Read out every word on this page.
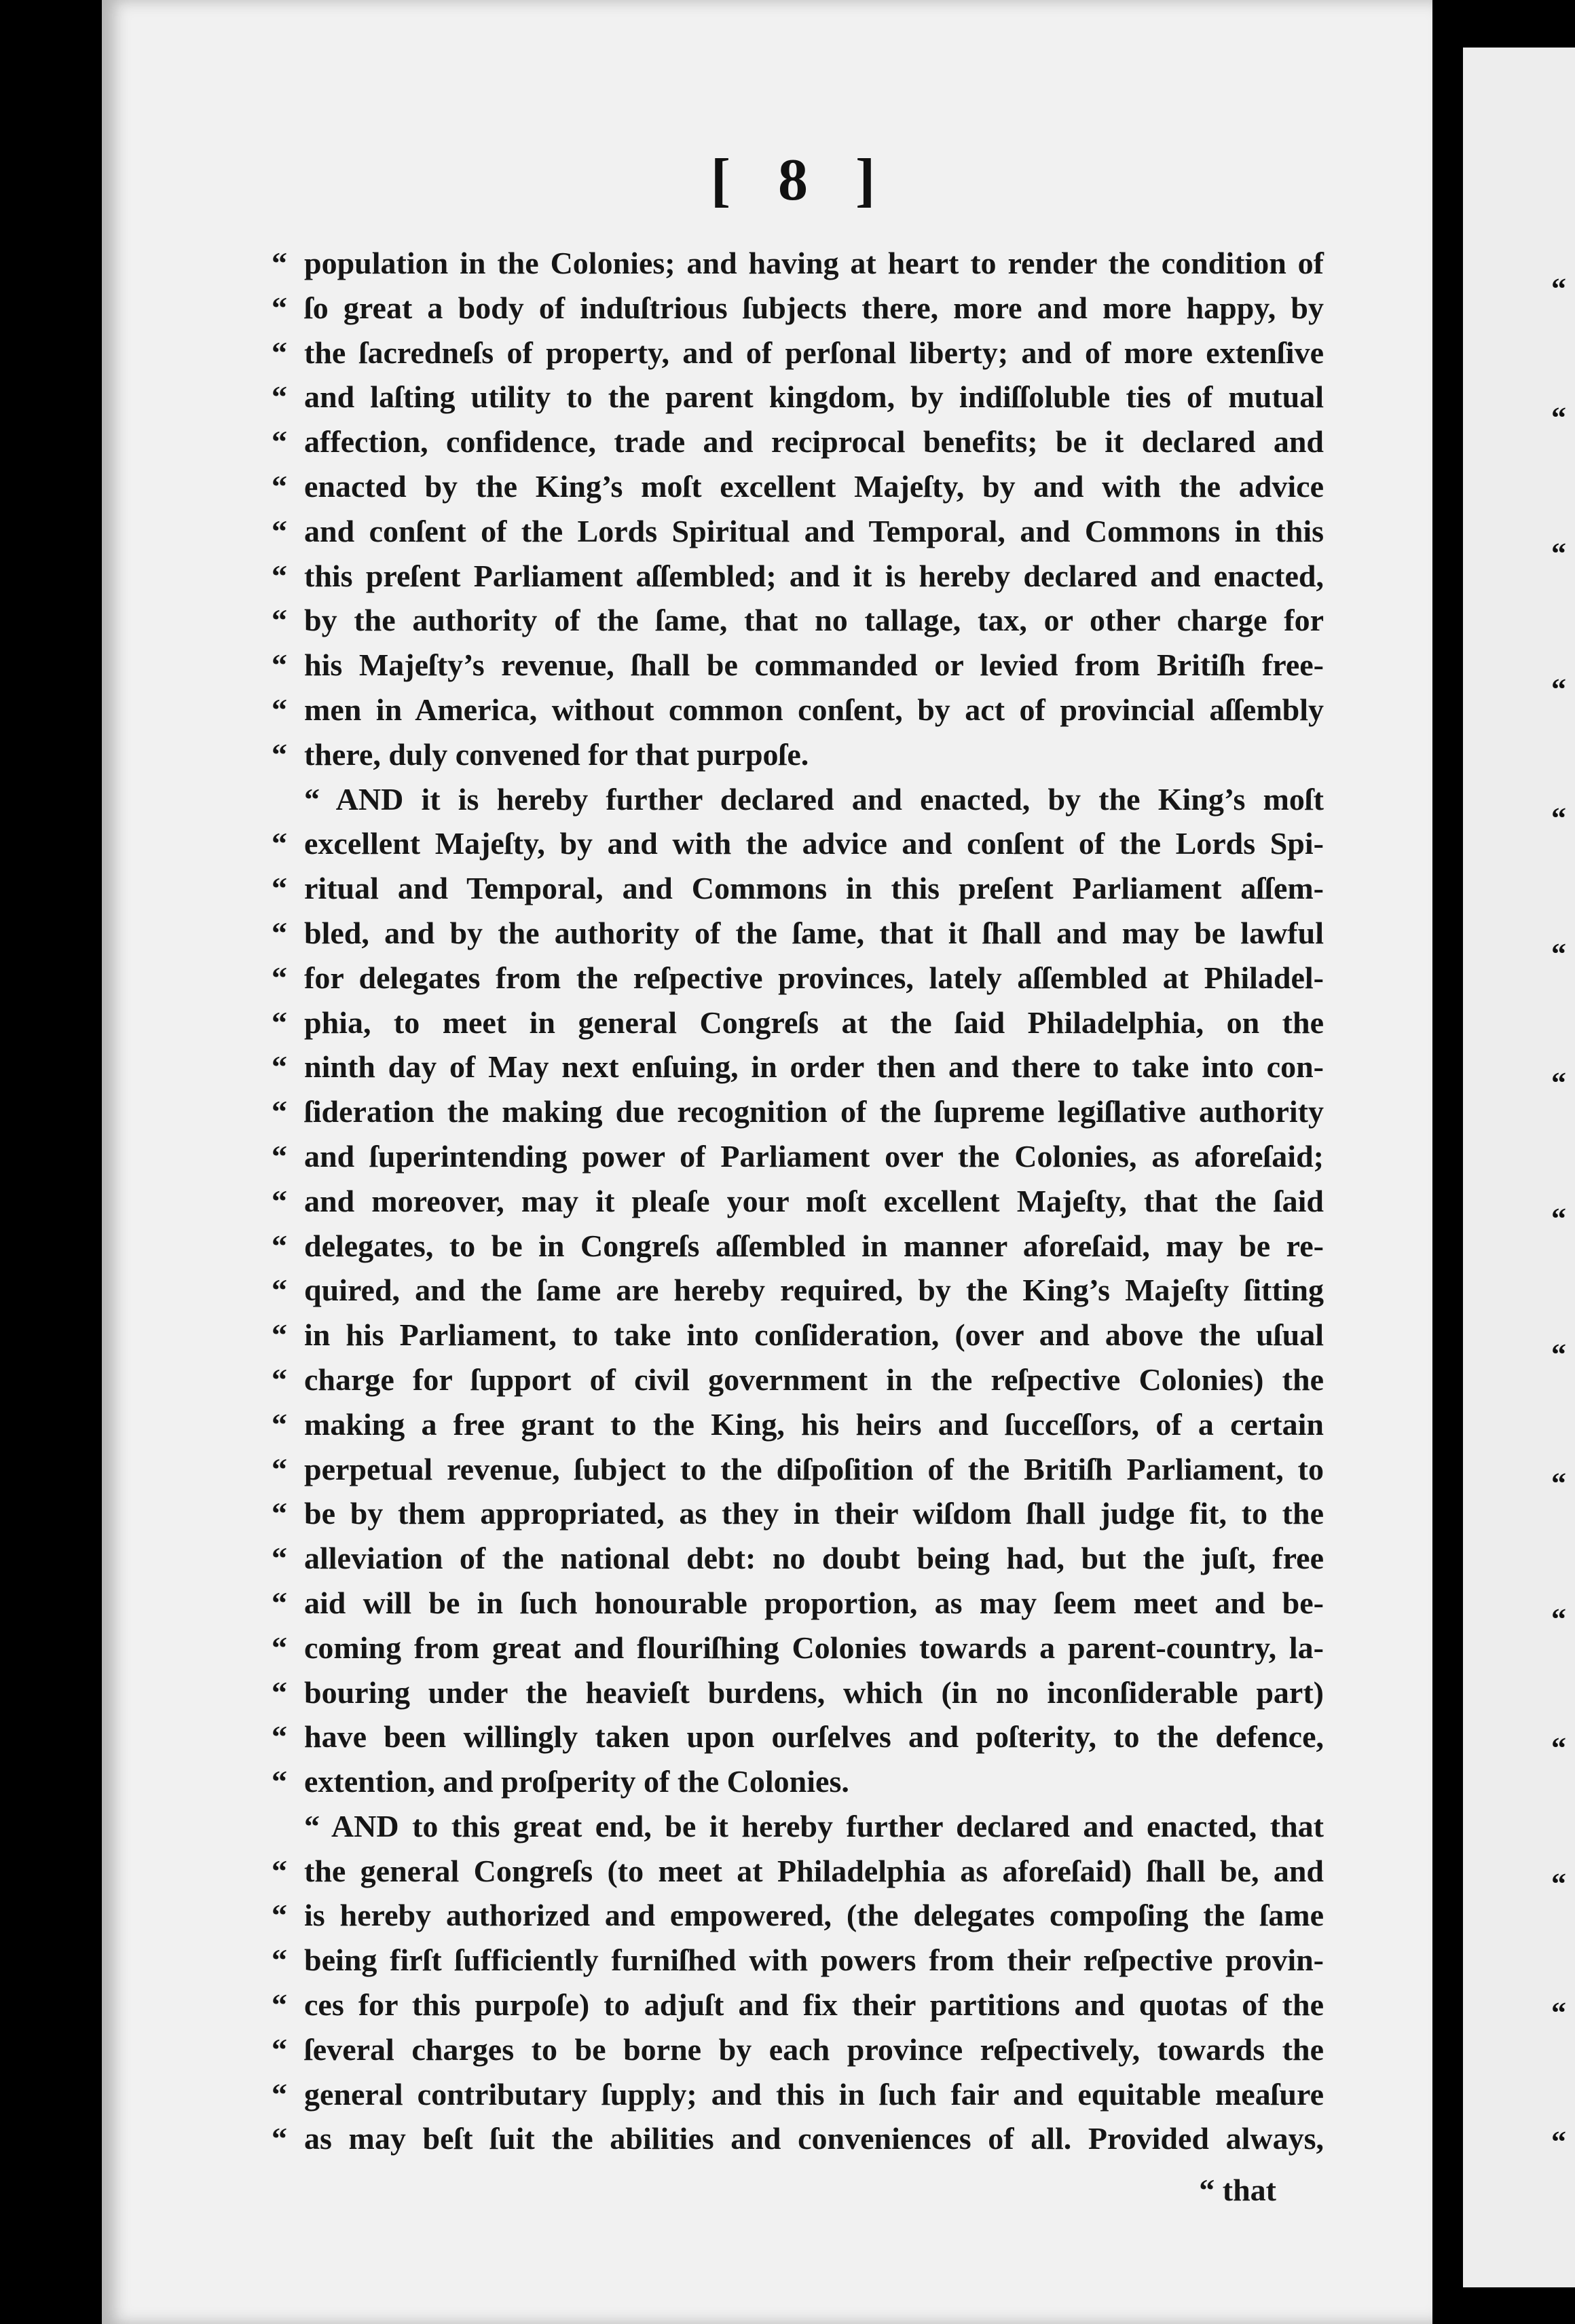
“
“
“
“
“
“
“
“
“
“
“
“
“
“
“
[ 8 ]
“ population in the Colonies; and having at heart to render the condition of
“ ſo great a body of induſtrious ſubjects there, more and more happy, by
“ the ſacredneſs of property, and of perſonal liberty; and of more extenſive
“ and laſting utility to the parent kingdom, by indiſſoluble ties of mutual
“ affection, confidence, trade and reciprocal benefits; be it declared and
“ enacted by the King’s moſt excellent Majeſty, by and with the advice
“ and conſent of the Lords Spiritual and Temporal, and Commons in this
“ this preſent Parliament aſſembled; and it is hereby declared and enacted,
“ by the authority of the ſame, that no tallage, tax, or other charge for
“ his Majeſty’s revenue, ſhall be commanded or levied from Britiſh free-
“ men in America, without common conſent, by act of provincial aſſembly
“ there, duly convened for that purpoſe.
“ AND it is hereby further declared and enacted, by the King’s moſt
“ excellent Majeſty, by and with the advice and conſent of the Lords Spi-
“ ritual and Temporal, and Commons in this preſent Parliament aſſem-
“ bled, and by the authority of the ſame, that it ſhall and may be lawful
“ for delegates from the reſpective provinces, lately aſſembled at Philadel-
“ phia, to meet in general Congreſs at the ſaid Philadelphia, on the
“ ninth day of May next enſuing, in order then and there to take into con-
“ ſideration the making due recognition of the ſupreme legiſlative authority
“ and ſuperintending power of Parliament over the Colonies, as aforeſaid;
“ and moreover, may it pleaſe your moſt excellent Majeſty, that the ſaid
“ delegates, to be in Congreſs aſſembled in manner aforeſaid, may be re-
“ quired, and the ſame are hereby required, by the King’s Majeſty ſitting
“ in his Parliament, to take into conſideration, (over and above the uſual
“ charge for ſupport of civil government in the reſpective Colonies) the
“ making a free grant to the King, his heirs and ſucceſſors, of a certain
“ perpetual revenue, ſubject to the diſpoſition of the Britiſh Parliament, to
“ be by them appropriated, as they in their wiſdom ſhall judge fit, to the
“ alleviation of the national debt: no doubt being had, but the juſt, free
“ aid will be in ſuch honourable proportion, as may ſeem meet and be-
“ coming from great and flouriſhing Colonies towards a parent-country, la-
“ bouring under the heavieſt burdens, which (in no inconſiderable part)
“ have been willingly taken upon ourſelves and poſterity, to the defence,
“ extention, and proſperity of the Colonies.
“ AND to this great end, be it hereby further declared and enacted, that
“ the general Congreſs (to meet at Philadelphia as aforeſaid) ſhall be, and
“ is hereby authorized and empowered, (the delegates compoſing the ſame
“ being firſt ſufficiently furniſhed with powers from their reſpective provin-
“ ces for this purpoſe) to adjuſt and fix their partitions and quotas of the
“ ſeveral charges to be borne by each province reſpectively, towards the
“ general contributary ſupply; and this in ſuch fair and equitable meaſure
“ as may beſt ſuit the abilities and conveniences of all. Provided always,
“ that
